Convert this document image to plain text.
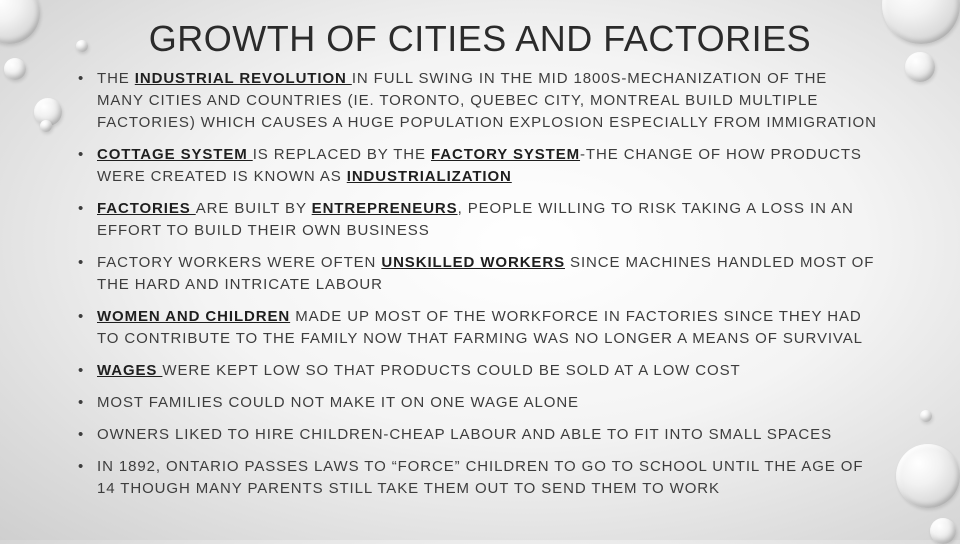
GROWTH OF CITIES AND FACTORIES
• THE INDUSTRIAL REVOLUTION IN FULL SWING IN THE MID 1800S-MECHANIZATION OF THE MANY CITIES AND COUNTRIES (IE. TORONTO, QUEBEC CITY, MONTREAL BUILD MULTIPLE FACTORIES) WHICH CAUSES A HUGE POPULATION EXPLOSION ESPECIALLY FROM IMMIGRATION
• COTTAGE SYSTEM IS REPLACED BY THE FACTORY SYSTEM-THE CHANGE OF HOW PRODUCTS WERE CREATED IS KNOWN AS INDUSTRIALIZATION
• FACTORIES ARE BUILT BY ENTREPRENEURS, PEOPLE WILLING TO RISK TAKING A LOSS IN AN EFFORT TO BUILD THEIR OWN BUSINESS
• FACTORY WORKERS WERE OFTEN UNSKILLED WORKERS SINCE MACHINES HANDLED MOST OF THE HARD AND INTRICATE LABOUR
• WOMEN AND CHILDREN MADE UP MOST OF THE WORKFORCE IN FACTORIES SINCE THEY HAD TO CONTRIBUTE TO THE FAMILY NOW THAT FARMING WAS NO LONGER A MEANS OF SURVIVAL
• WAGES WERE KEPT LOW SO THAT PRODUCTS COULD BE SOLD AT A LOW COST
• MOST FAMILIES COULD NOT MAKE IT ON ONE WAGE ALONE
• OWNERS LIKED TO HIRE CHILDREN-CHEAP LABOUR AND ABLE TO FIT INTO SMALL SPACES
• IN 1892, ONTARIO PASSES LAWS TO “FORCE” CHILDREN TO GO TO SCHOOL UNTIL THE AGE OF 14 THOUGH MANY PARENTS STILL TAKE THEM OUT TO SEND THEM TO WORK
